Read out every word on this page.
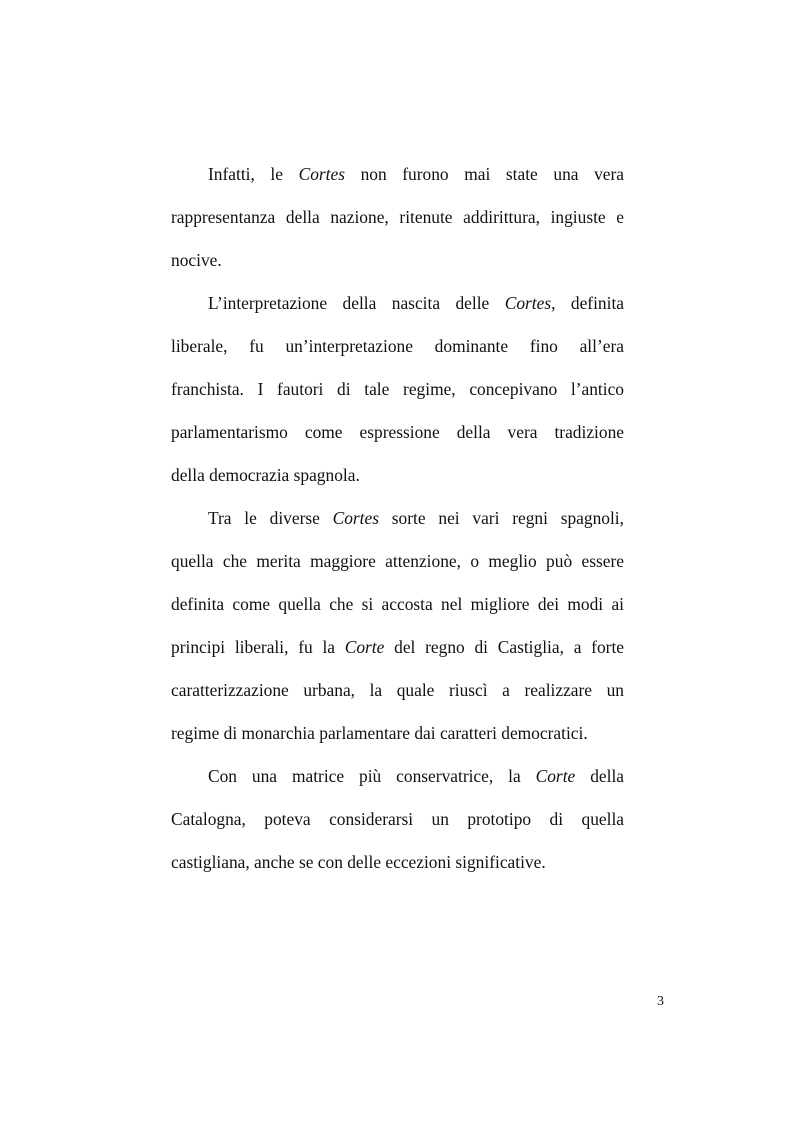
Infatti, le Cortes non furono mai state una vera
rappresentanza della nazione, ritenute addirittura, ingiuste e
nocive.
L’interpretazione della nascita delle Cortes, definita
liberale, fu un’interpretazione dominante fino all’era
franchista. I fautori di tale regime, concepivano l’antico
parlamentarismo come espressione della vera tradizione
della democrazia spagnola.
Tra le diverse Cortes sorte nei vari regni spagnoli,
quella che merita maggiore attenzione, o meglio può essere
definita come quella che si accosta nel migliore dei modi ai
principi liberali, fu la Corte del regno di Castiglia, a forte
caratterizzazione urbana, la quale riuscì a realizzare un
regime di monarchia parlamentare dai caratteri democratici.
Con una matrice più conservatrice, la Corte della
Catalogna, poteva considerarsi un prototipo di quella
castigliana, anche se con delle eccezioni significative.
3
